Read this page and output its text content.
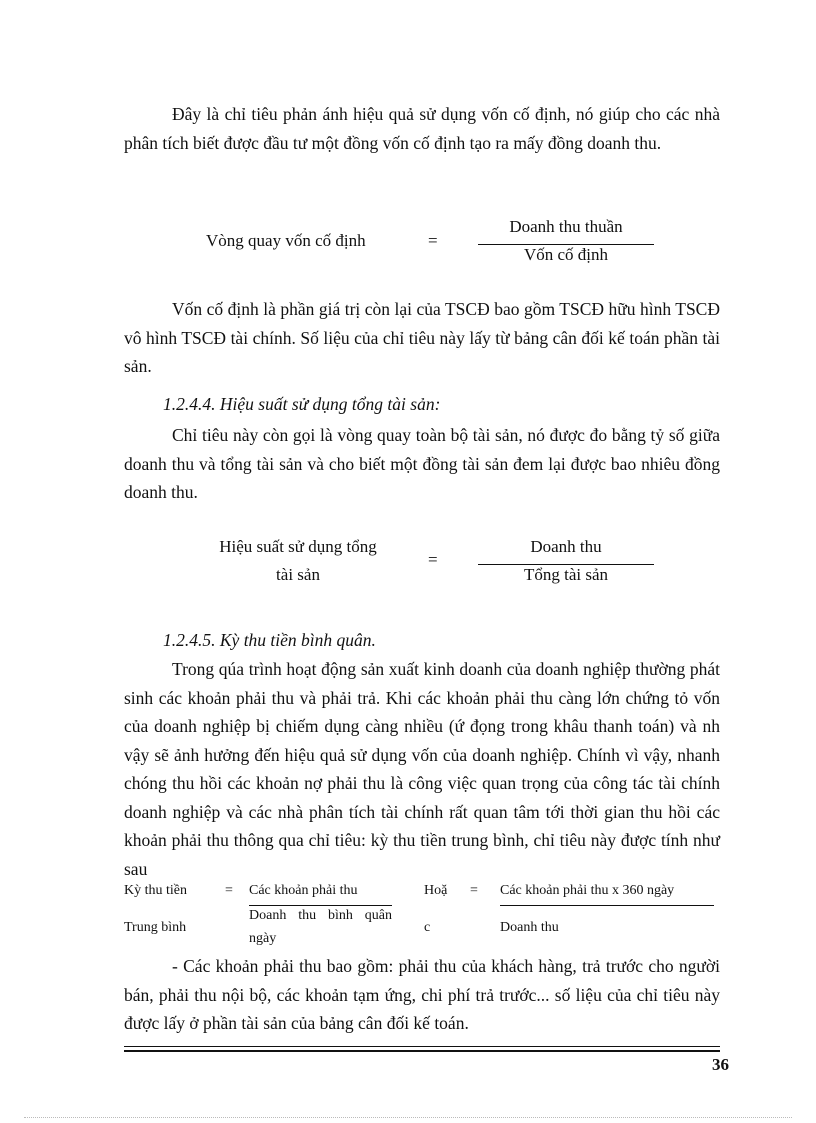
Đây là chỉ tiêu phản ánh hiệu quả sử dụng vốn cố định, nó giúp cho các nhà phân tích biết được đầu tư một đồng vốn cố định tạo ra mấy đồng doanh thu.
Vòng quay vốn cố định	=
Doanh thu thuần
Vốn cố định
Vốn cố định là phần giá trị còn lại của TSCĐ bao gồm TSCĐ hữu hình TSCĐ vô hình TSCĐ tài chính. Số liệu của chỉ tiêu này lấy từ bảng cân đối kế toán phần tài sản.
1.2.4.4. Hiệu suất sử dụng tổng tài sản:
Chỉ tiêu này còn gọi là vòng quay toàn bộ tài sản, nó được đo bằng tỷ số giữa doanh thu và tổng tài sản và cho biết một đồng tài sản đem lại được bao nhiêu đồng doanh thu.
Hiệu suất sử dụng tổng
tài sản
=
Doanh thu
Tổng tài sản
1.2.4.5. Kỳ thu tiền bình quân.
Trong qúa trình hoạt động sản xuất kinh doanh của doanh nghiệp thường phát sinh các khoản phải thu và phải trả. Khi các khoản phải thu càng lớn chứng tỏ vốn của doanh nghiệp bị chiếm dụng càng nhiều (ứ đọng trong khâu thanh toán) và nh vậy sẽ ảnh hưởng đến hiệu quả sử dụng vốn của doanh nghiệp. Chính vì vậy, nhanh chóng thu hồi các khoản nợ phải thu là công việc quan trọng của công tác tài chính doanh nghiệp và các nhà phân tích tài chính rất quan tâm tới thời gian thu hồi các khoản phải thu thông qua chỉ tiêu: kỳ thu tiền trung bình, chỉ tiêu này được tính như sau
Kỳ thu tiền
Trung bình
= Các khoản phải thu
Doanh thu bình quân
ngày
Hoặ
c
= Các khoản phải thu x 360 ngày
Doanh thu
- Các khoản phải thu bao gồm: phải thu của khách hàng, trả trước cho người bán, phải thu nội bộ, các khoản tạm ứng, chi phí trả trước... số liệu của chỉ tiêu này được lấy ở phần tài sản của bảng cân đối kế toán.
36
